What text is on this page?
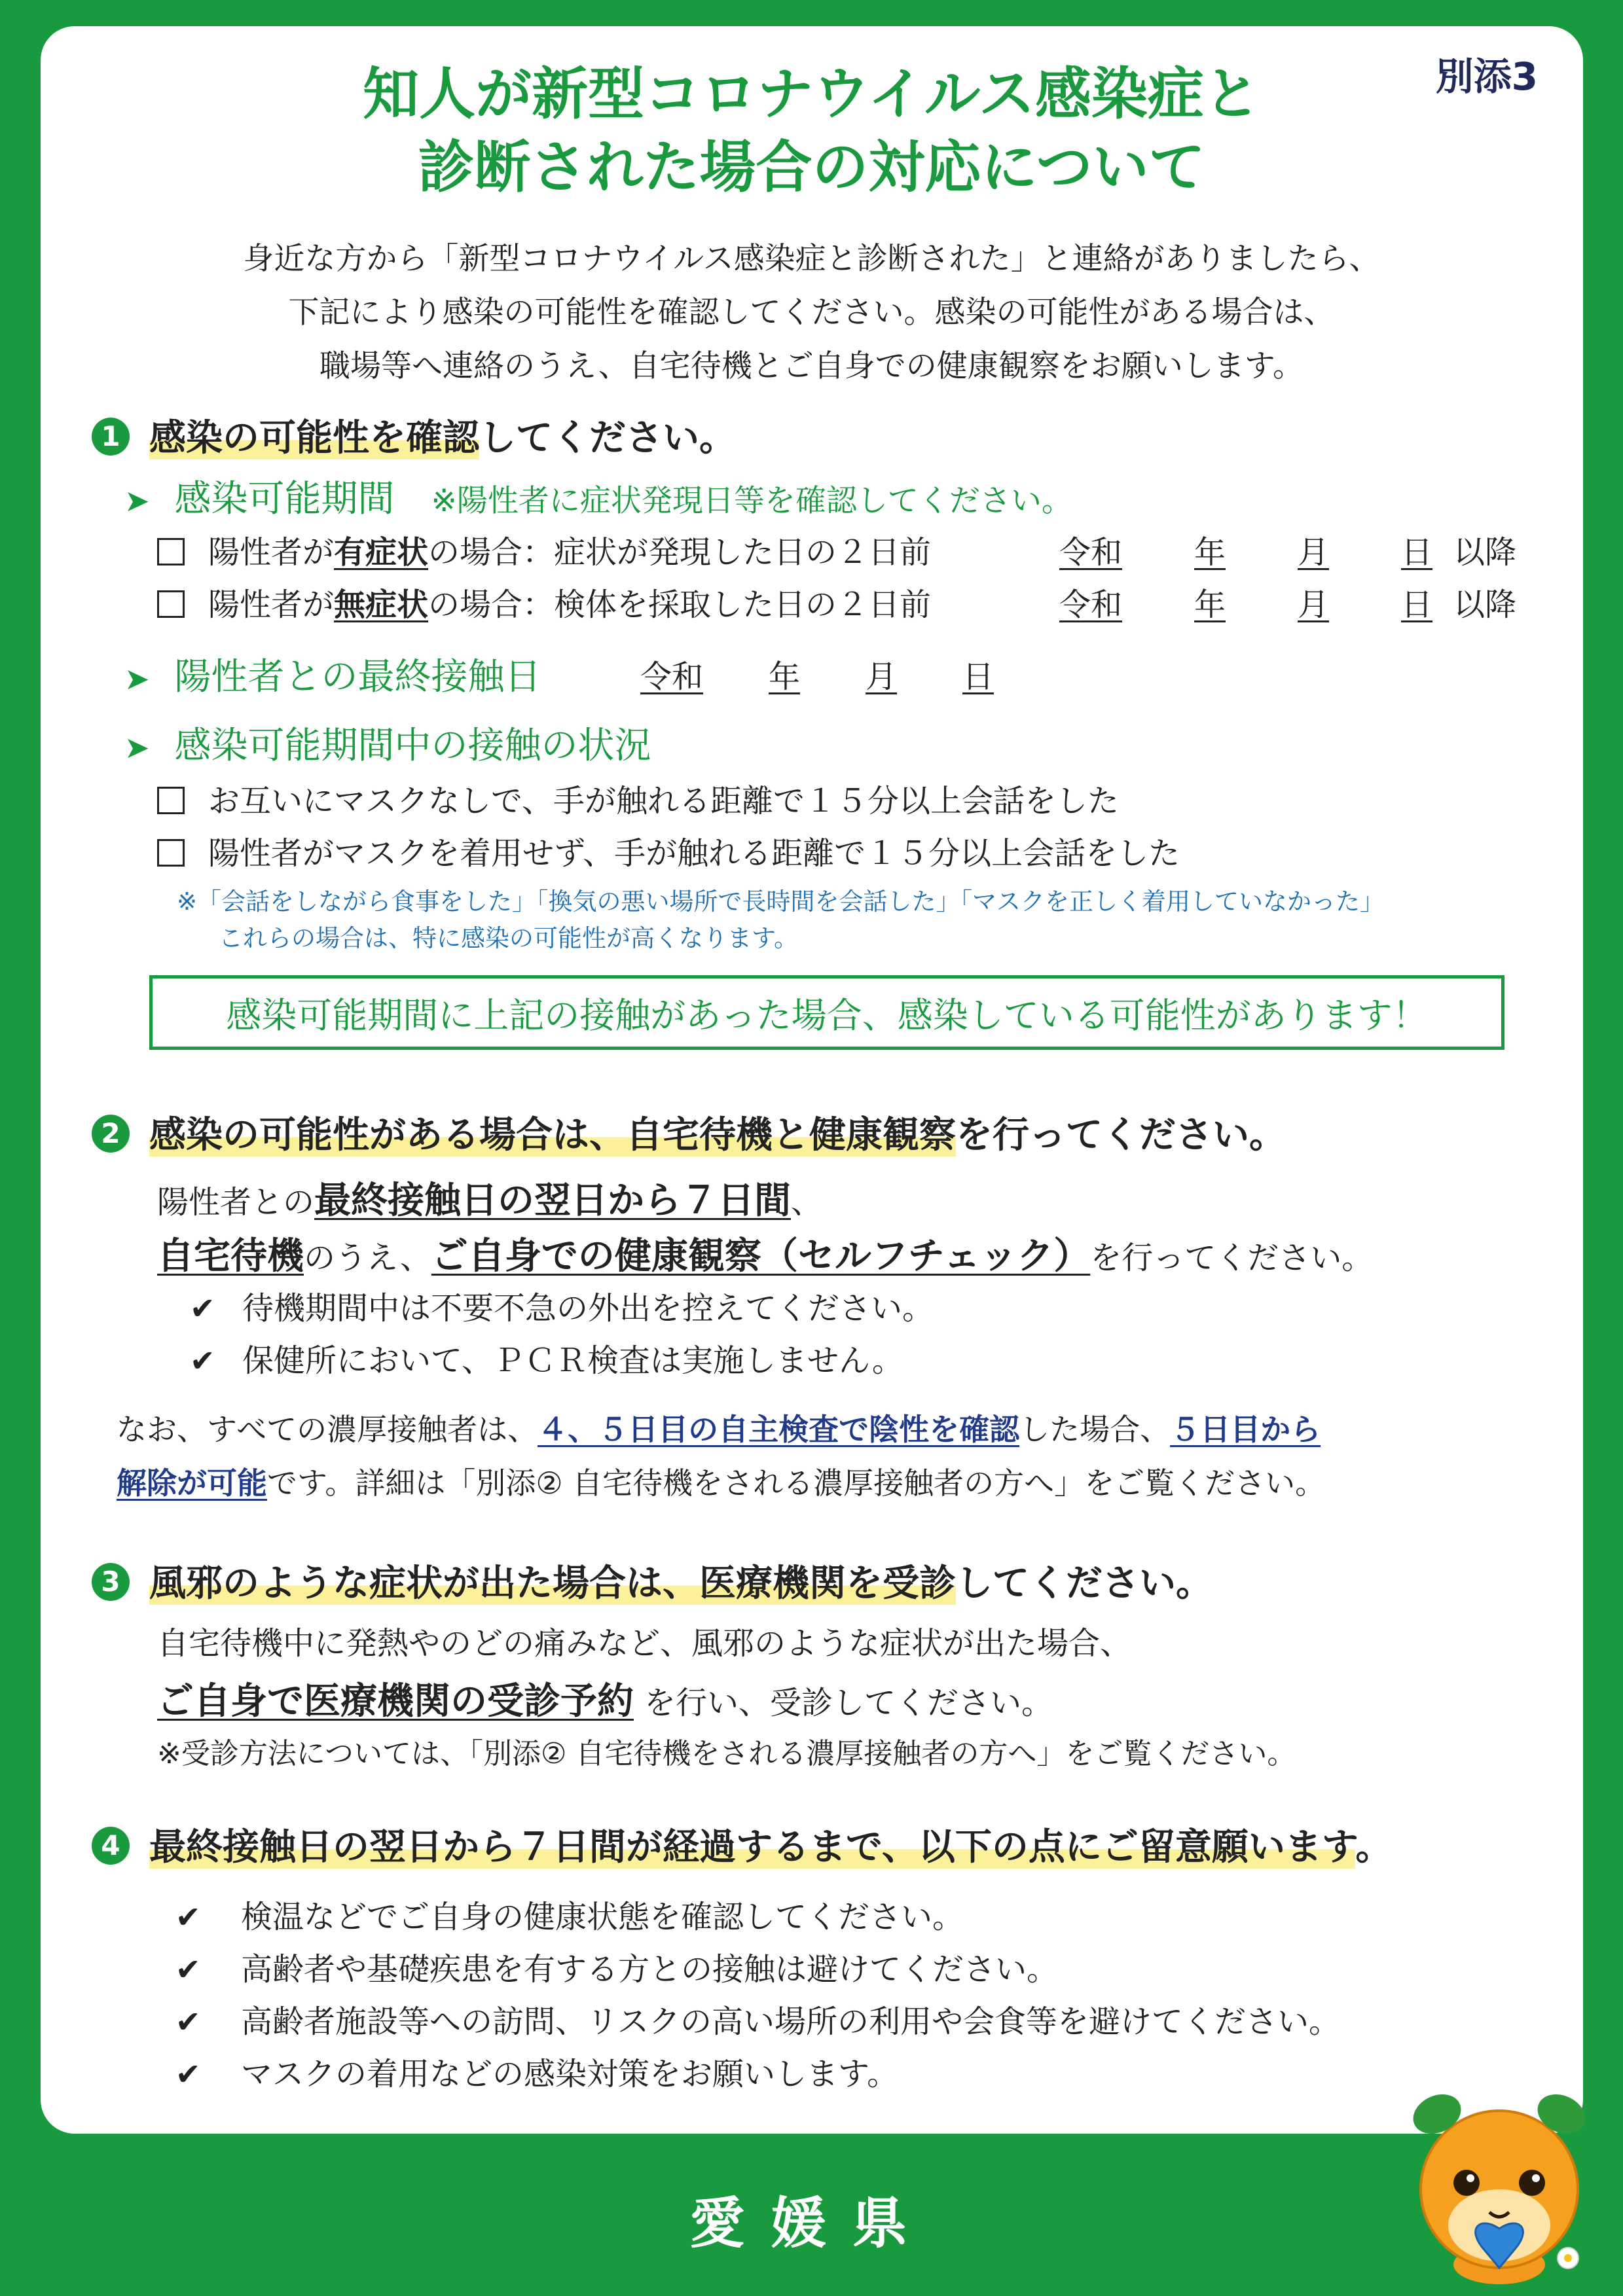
別添3
知人が新型コロナウイルス感染症と
診断された場合の対応について
身近な方から「新型コロナウイルス感染症と診断された」と連絡がありましたら、
下記により感染の可能性を確認してください。感染の可能性がある場合は、
職場等へ連絡のうえ、自宅待機とご自身での健康観察をお願いします。
1 感染の可能性を確認してください。
➤ 感染可能期間 ※陽性者に症状発現日等を確認してください。
陽性者が有症状の場合：症状が発現した日の２日前	令和 年 月 日 以降
陽性者が無症状の場合：検体を採取した日の２日前	令和 年 月 日 以降
➤ 陽性者との最終接触日	令和 年 月 日
➤ 感染可能期間中の接触の状況
お互いにマスクなしで、手が触れる距離で１５分以上会話をした
陽性者がマスクを着用せず、手が触れる距離で１５分以上会話をした
※「会話をしながら食事をした」「換気の悪い場所で長時間を会話した」「マスクを正しく着用していなかった」
これらの場合は、特に感染の可能性が高くなります。
感染可能期間に上記の接触があった場合、感染している可能性があります！
2 感染の可能性がある場合は、自宅待機と健康観察を行ってください。
陽性者との最終接触日の翌日から７日間、
自宅待機のうえ、ご自身での健康観察（セルフチェック）を行ってください。
✔ 待機期間中は不要不急の外出を控えてください。
✔ 保健所において、ＰＣＲ検査は実施しません。
なお、すべての濃厚接触者は、４、５日目の自主検査で陰性を確認した場合、５日目から
解除が可能です。詳細は「別添② 自宅待機をされる濃厚接触者の方へ」をご覧ください。
3 風邪のような症状が出た場合は、医療機関を受診してください。
自宅待機中に発熱やのどの痛みなど、風邪のような症状が出た場合、
ご自身で医療機関の受診予約 を行い、受診してください。
※受診方法については、「別添② 自宅待機をされる濃厚接触者の方へ」をご覧ください。
4 最終接触日の翌日から７日間が経過するまで、以下の点にご留意願います。
✔ 検温などでご自身の健康状態を確認してください。
✔ 高齢者や基礎疾患を有する方との接触は避けてください。
✔ 高齢者施設等への訪問、リスクの高い場所の利用や会食等を避けてください。
✔ マスクの着用などの感染対策をお願いします。
愛媛県
